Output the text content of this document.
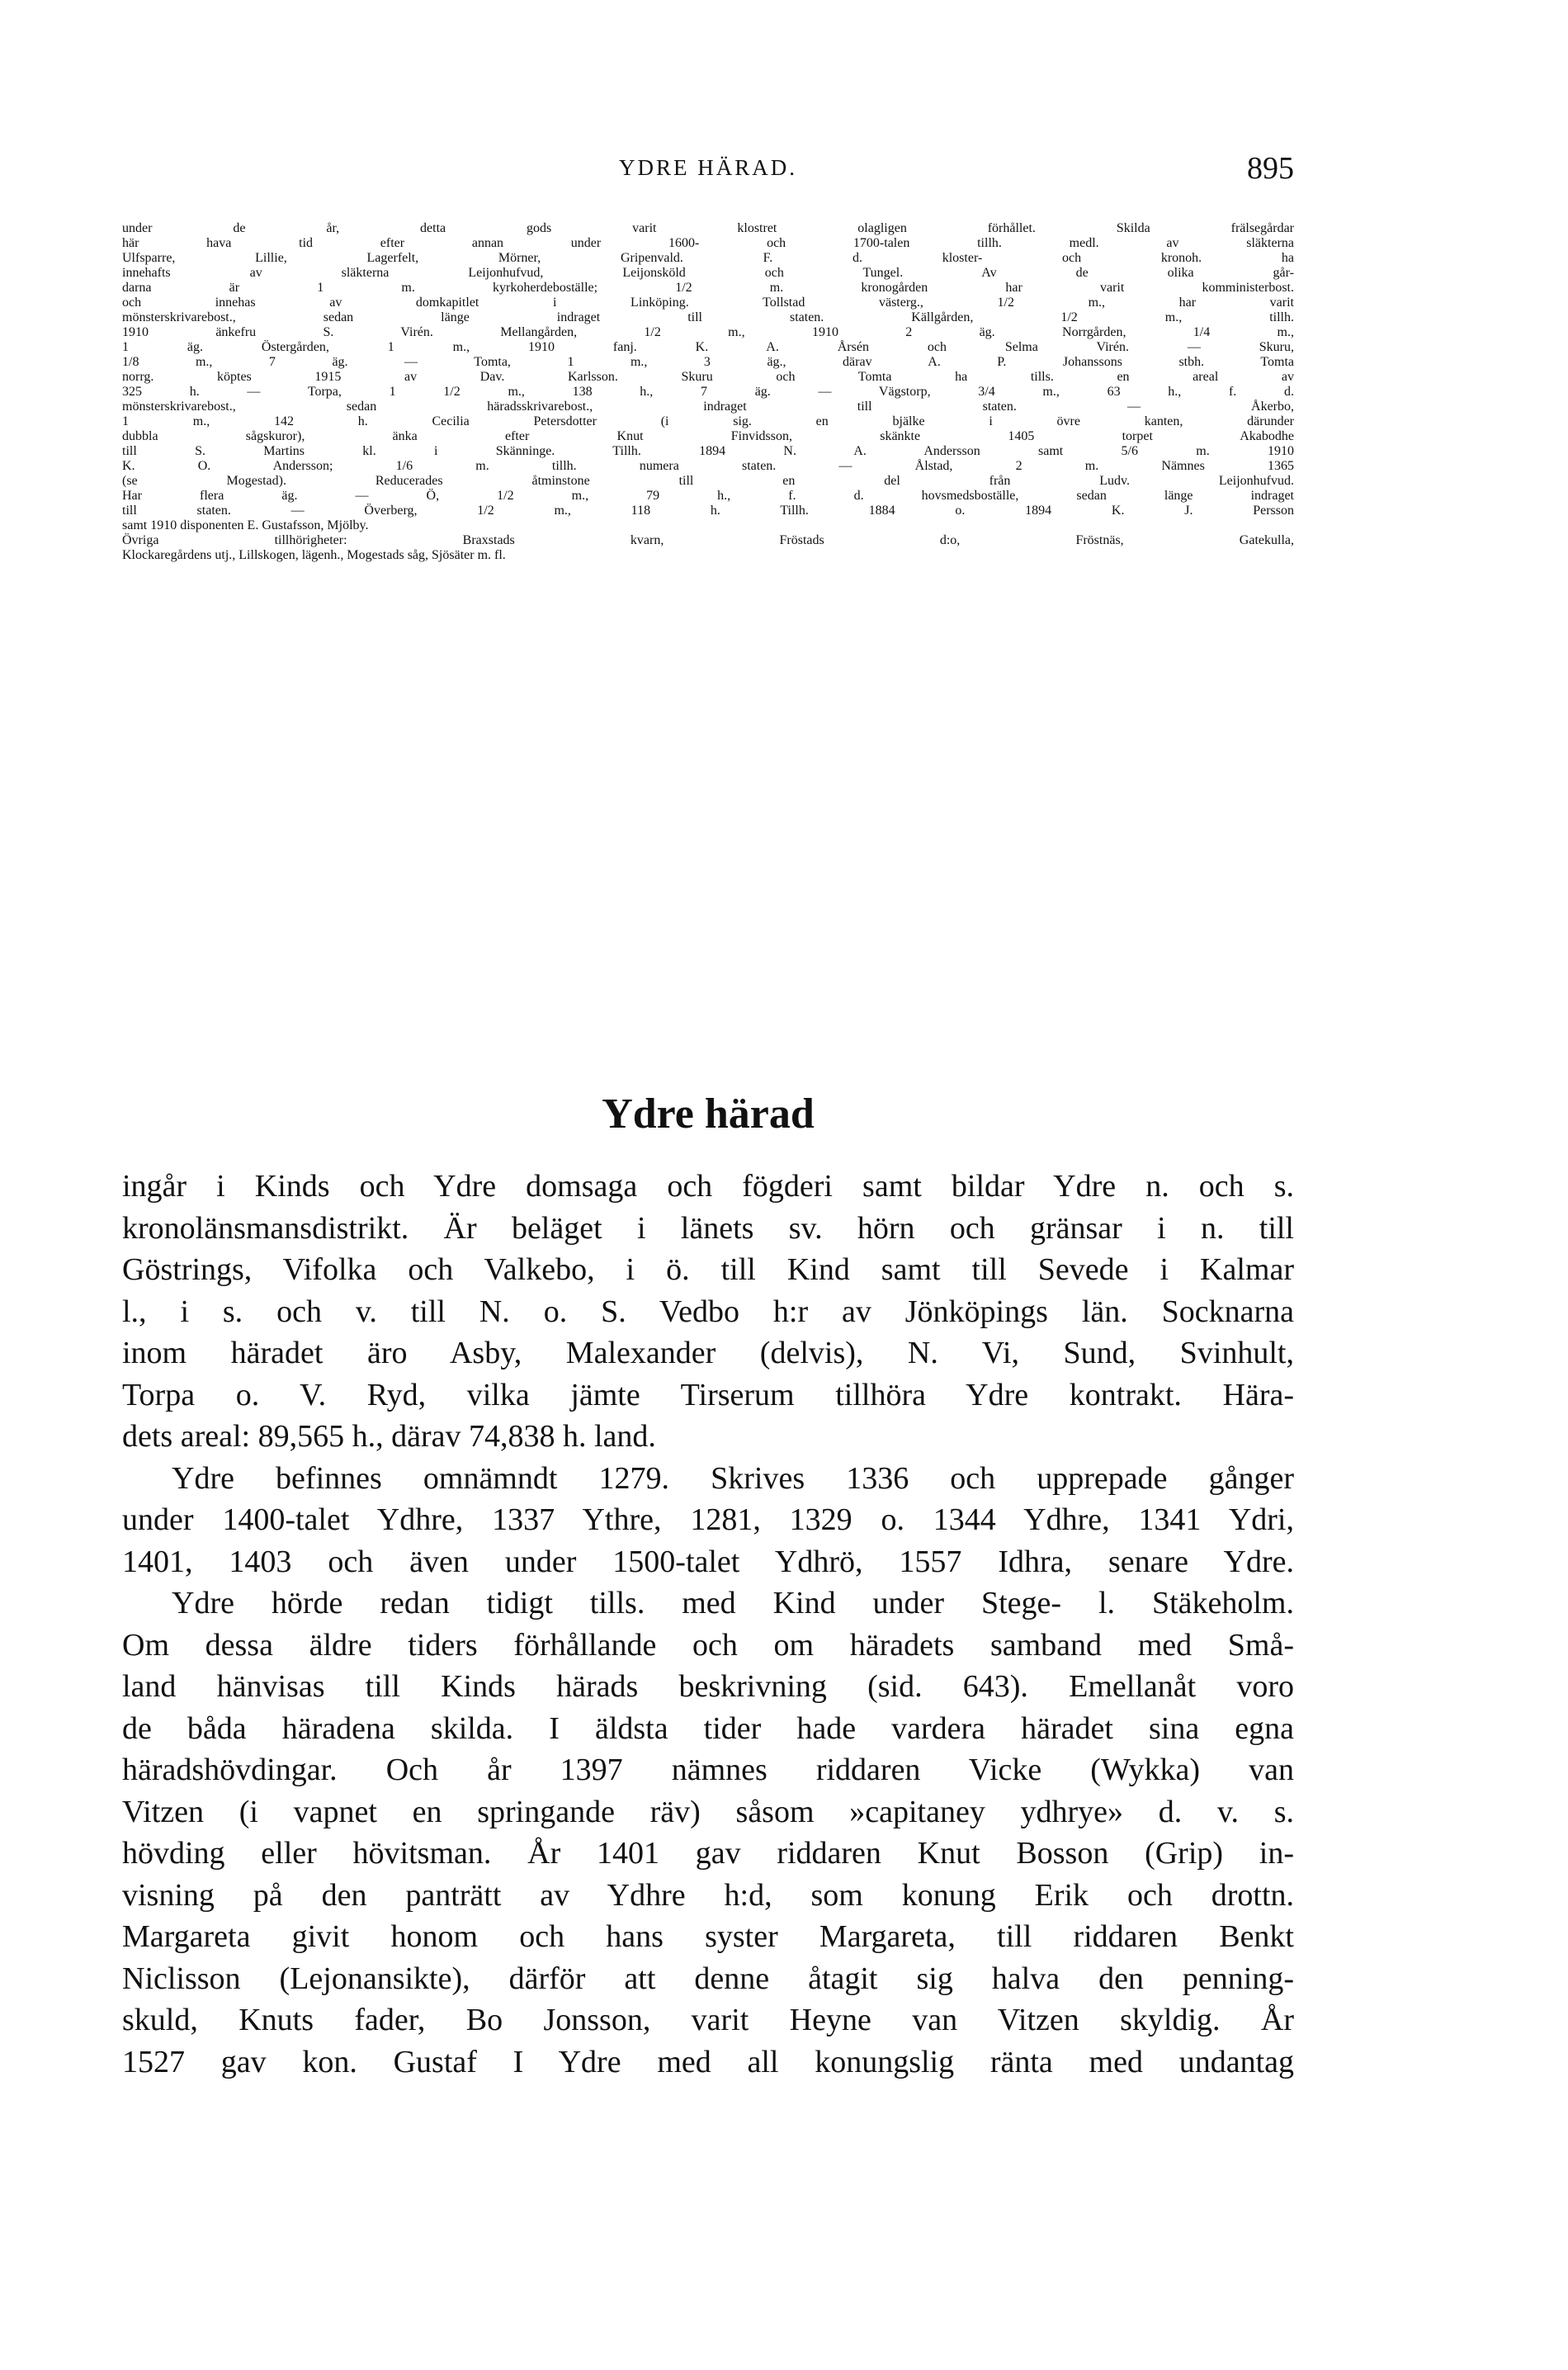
YDRE HÄRAD.	895
under de år, detta gods varit klostret olagligen förhållet. Skilda frälsegårdar
här hava tid efter annan under 1600- och 1700-talen tillh. medl. av släkterna
Ulfsparre, Lillie, Lagerfelt, Mörner, Gripenvald. F. d. kloster- och kronoh. ha
innehafts av släkterna Leijonhufvud, Leijonsköld och Tungel. Av de olika går-
darna är 1 m. kyrkoherdeboställe; 1/2 m. kronogården har varit komministerbost.
och innehas av domkapitlet i Linköping. Tollstad västerg., 1/2 m., har varit
mönsterskrivarebost., sedan länge indraget till staten. Källgården, 1/2 m., tillh.
1910 änkefru S. Virén. Mellangården, 1/2 m., 1910 2 äg. Norrgården, 1/4 m.,
1 äg. Östergården, 1 m., 1910 fanj. K. A. Årsén och Selma Virén. — Skuru,
1/8 m., 7 äg. — Tomta, 1 m., 3 äg., därav A. P. Johanssons stbh. Tomta
norrg. köptes 1915 av Dav. Karlsson. Skuru och Tomta ha tills. en areal av
325 h. — Torpa, 1 1/2 m., 138 h., 7 äg. — Vägstorp, 3/4 m., 63 h., f. d.
mönsterskrivarebost., sedan häradsskrivarebost., indraget till staten. — Åkerbo,
1 m., 142 h. Cecilia Petersdotter (i sig. en bjälke i övre kanten, därunder
dubbla sågskuror), änka efter Knut Finvidsson, skänkte 1405 torpet Akabodhe
till S. Martins kl. i Skänninge. Tillh. 1894 N. A. Andersson samt 5/6 m. 1910
K. O. Andersson; 1/6 m. tillh. numera staten. — Ålstad, 2 m. Nämnes 1365
(se Mogestad). Reducerades åtminstone till en del från Ludv. Leijonhufvud.
Har flera äg. — Ö, 1/2 m., 79 h., f. d. hovsmedsboställe, sedan länge indraget
till staten. — Överberg, 1/2 m., 118 h. Tillh. 1884 o. 1894 K. J. Persson
samt 1910 disponenten E. Gustafsson, Mjölby.
Övriga tillhörigheter: Braxstads kvarn, Fröstads d:o, Fröstnäs, Gatekulla,
Klockaregårdens utj., Lillskogen, lägenh., Mogestads såg, Sjösäter m. fl.
Ydre härad
ingår i Kinds och Ydre domsaga och fögderi samt bildar Ydre n. och s.
kronolänsmansdistrikt. Är beläget i länets sv. hörn och gränsar i n. till
Göstrings, Vifolka och Valkebo, i ö. till Kind samt till Sevede i Kalmar
l., i s. och v. till N. o. S. Vedbo h:r av Jönköpings län. Socknarna
inom häradet äro Asby, Malexander (delvis), N. Vi, Sund, Svinhult,
Torpa o. V. Ryd, vilka jämte Tirserum tillhöra Ydre kontrakt. Härа-
dets areal: 89,565 h., därav 74,838 h. land.
Ydre befinnes omnämndt 1279. Skrives 1336 och upprepade gånger
under 1400-talet Ydhre, 1337 Ythre, 1281, 1329 o. 1344 Ydhre, 1341 Ydri,
1401, 1403 och även under 1500-talet Ydhrö, 1557 Idhra, senare Ydre.
Ydre hörde redan tidigt tills. med Kind under Stege- l. Stäkeholm.
Om dessa äldre tiders förhållande och om häradets samband med Små-
land hänvisas till Kinds härads beskrivning (sid. 643). Emellanåt voro
de båda häradena skilda. I äldsta tider hade vardera häradet sina egna
häradshövdingar. Och år 1397 nämnes riddaren Vicke (Wykka) van
Vitzen (i vapnet en springande räv) såsom »capitaney ydhrye» d. v. s.
hövding eller hövitsman. År 1401 gav riddaren Knut Bosson (Grip) in-
visning på den panträtt av Ydhre h:d, som konung Erik och drottn.
Margareta givit honom och hans syster Margareta, till riddaren Benkt
Niclisson (Lejonansikte), därför att denne åtagit sig halva den penning-
skuld, Knuts fader, Bo Jonsson, varit Heyne van Vitzen skyldig. År
1527 gav kon. Gustaf I Ydre med all konungslig ränta med undantag
